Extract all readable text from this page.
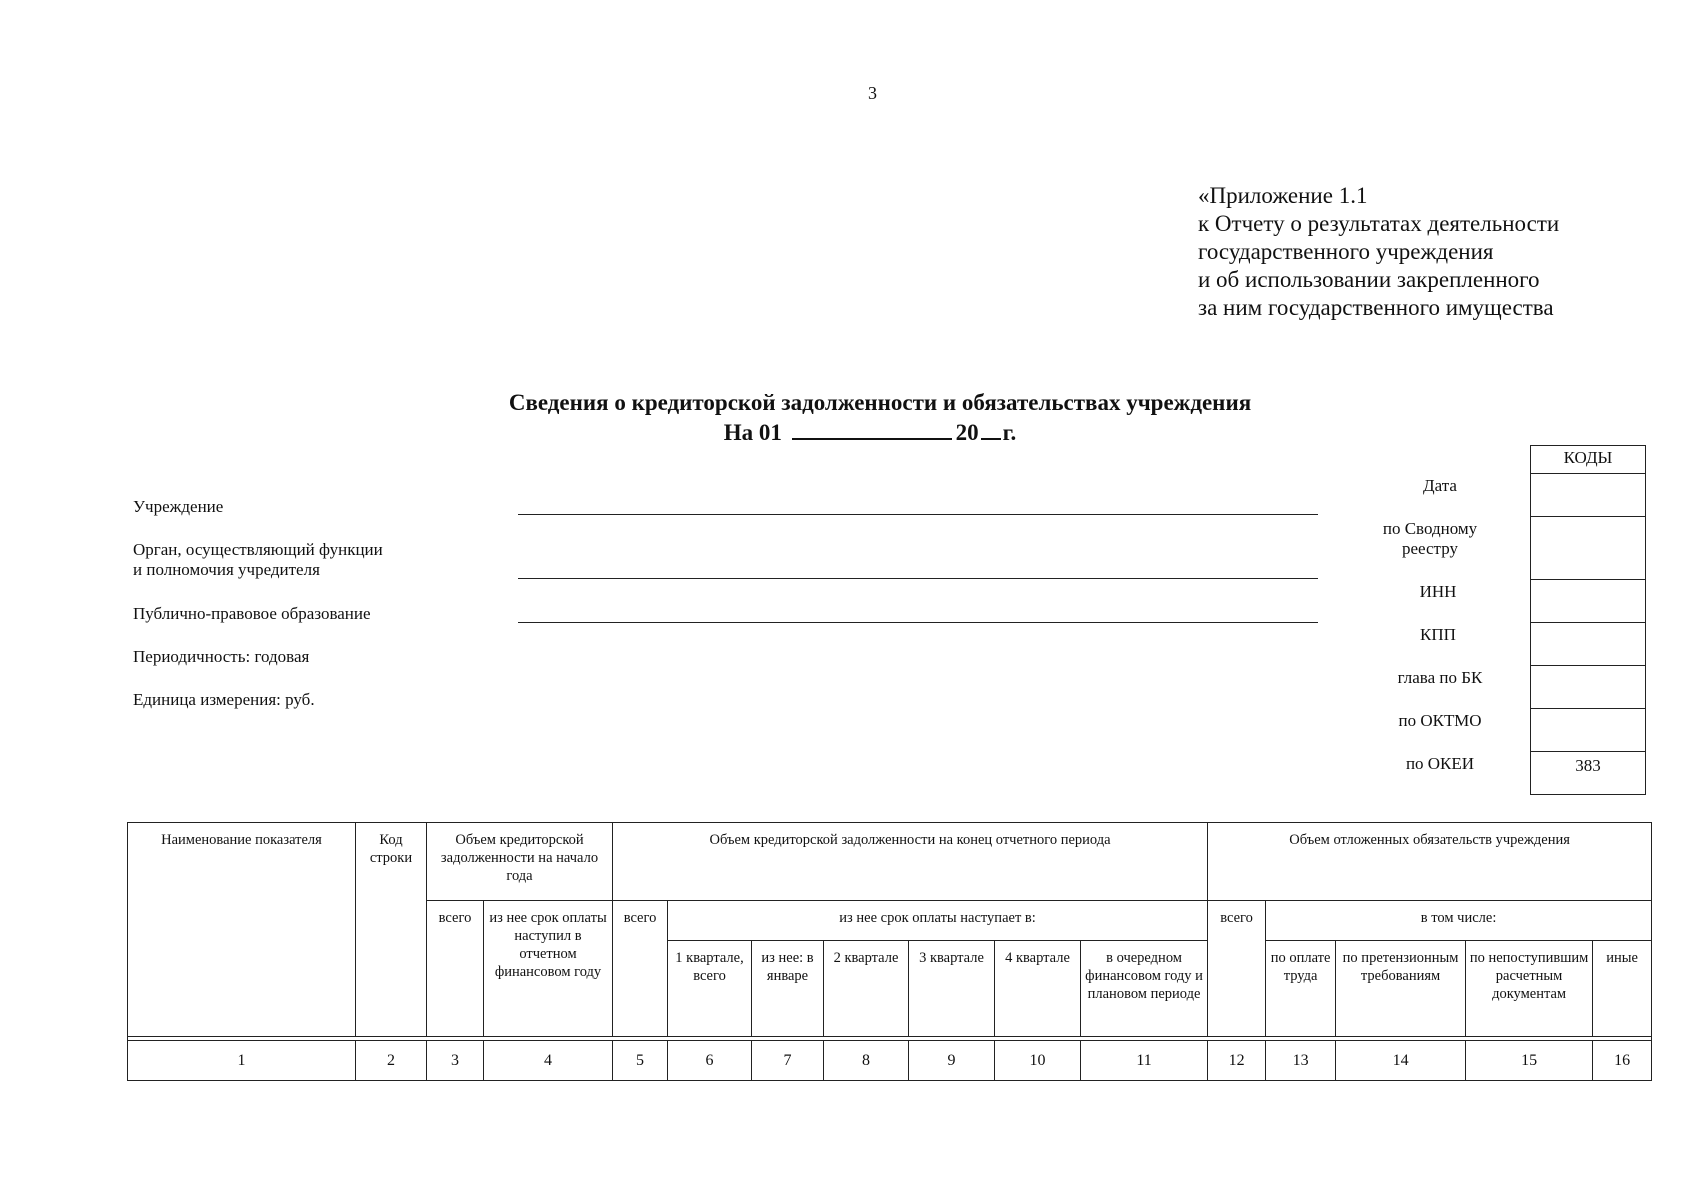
3
«Приложение 1.1
к Отчету о результатах деятельности
государственного учреждения
и об использовании закрепленного
за ним государственного имущества
Сведения о кредиторской задолженности и обязательствах учреждения
На 01	20 г.
Учреждение
Орган, осуществляющий функции
и полномочия учредителя
Публично-правовое образование
Периодичность: годовая
Единица измерения: руб.
Дата
по Сводному
реестру
ИНН
КПП
глава по БК
по ОКТМО
по ОКЕИ
КОДЫ
383
Наименование показателя	Код строки	Объем кредиторской задолженности на начало года		Объем кредиторской задолженности на конец отчетного периода							Объем отложенных обязательств учреждения				
		всего	из нее срок оплаты наступил в отчетном финансовом году	всего	из нее срок оплаты наступает в:						всего	в том числе:			
					1 квартале, всего	из нее: в январе	2 квартале	3 квартале	4 квартале	в очередном финансовом году и плановом периоде		по оплате труда	по претензионным требованиям	по непоступившим расчетным документам	иные

1	2	3	4	5	6	7	8	9	10	11	12	13	14	15	16
